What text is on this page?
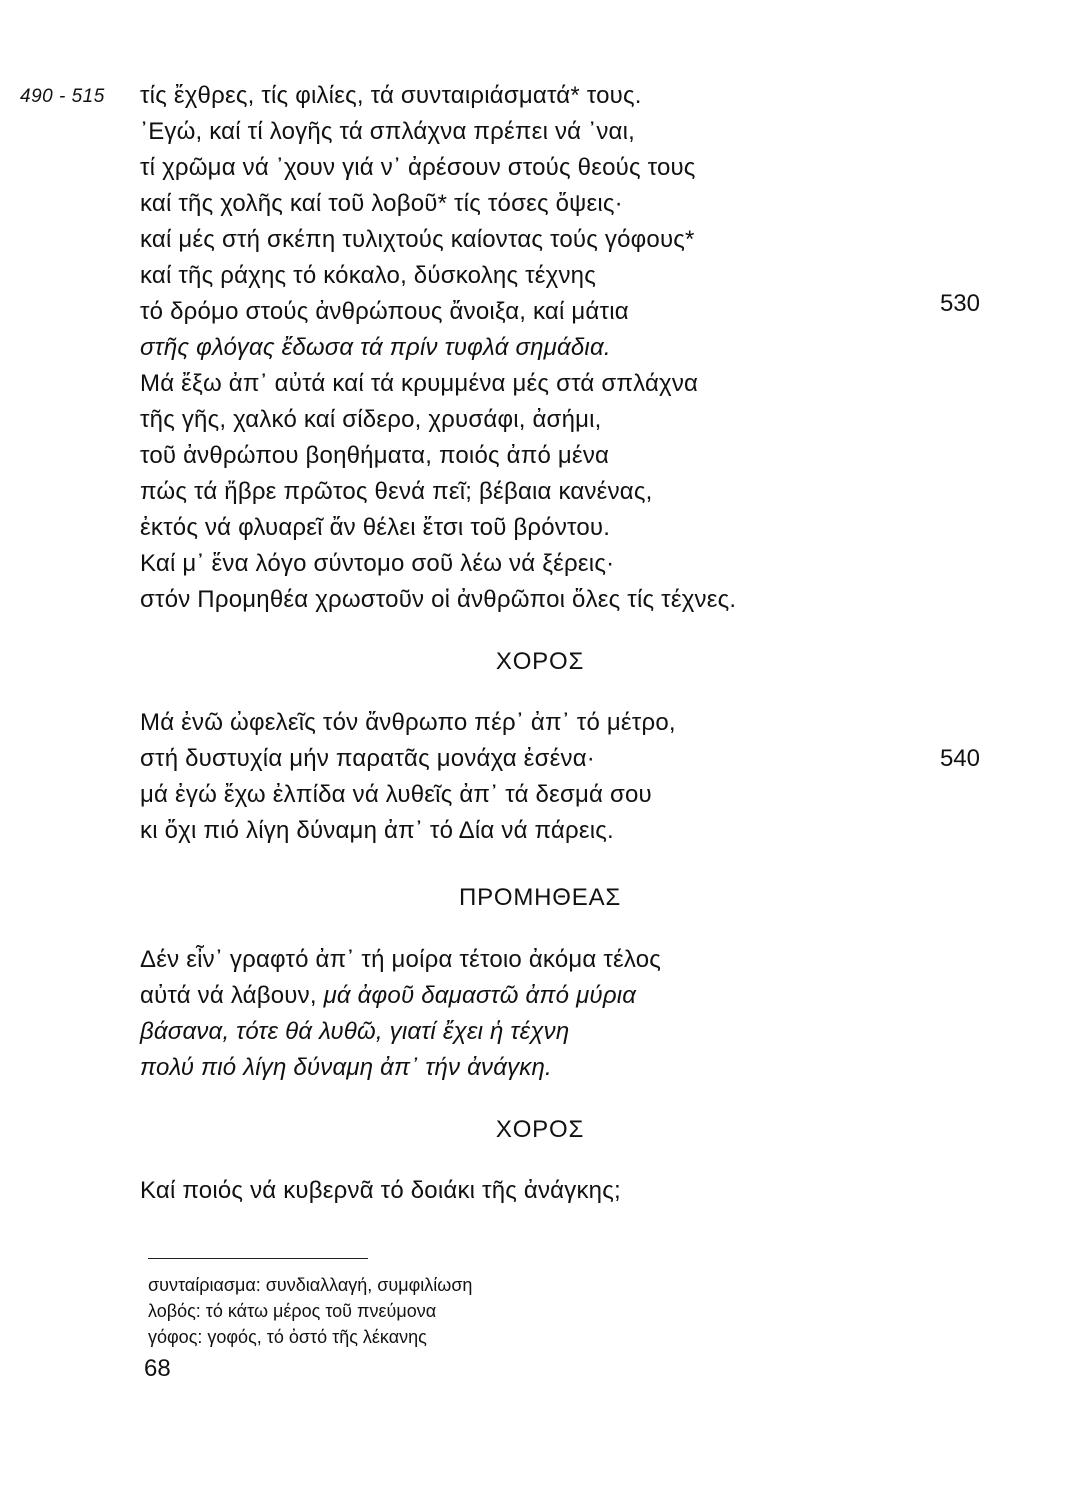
490 - 515 τίς ἔχθρες, τίς φιλίες, τά συνταιριάσματά* τους.
᾿Εγώ, καί τί λογῆς τά σπλάχνα πρέπει νά ᾿ναι,
τί χρῶμα νά ᾿χουν γιά ν᾿ ἀρέσουν στούς θεούς τους
καί τῆς χολῆς καί τοῦ λοβοῦ* τίς τόσες ὄψεις·
καί μές στή σκέπη τυλιχτούς καίοντας τούς γόφους*
καί τῆς ράχης τό κόκαλο, δύσκολης τέχνης
τό δρόμο στούς ἀνθρώπους ἄνοιξα, καί μάτια
στῆς φλόγας ἔδωσα τά πρίν τυφλά σημάδια.
Μά ἔξω ἀπ᾿ αὐτά καί τά κρυμμένα μές στά σπλάχνα
τῆς γῆς, χαλκό καί σίδερο, χρυσάφι, ἀσήμι,
τοῦ ἀνθρώπου βοηθήματα, ποιός ἀπό μένα
πώς τά ἤβρε πρῶτος θενά πεῖ; βέβαια κανένας,
ἐκτός νά φλυαρεῖ ἄν θέλει ἔτσι τοῦ βρόντου.
Καί μ᾿ ἕνα λόγο σύντομο σοῦ λέω νά ξέρεις·
στόν Προμηθέα χρωστοῦν οἱ ἀνθρῶποι ὅλες τίς τέχνες.
530
ΧΟΡΟΣ
Μά ἐνῶ ὠφελεῖς τόν ἄνθρωπο πέρ᾿ ἀπ᾿ τό μέτρο,
στή δυστυχία μήν παρατᾶς μονάχα ἐσένα·
μά ἐγώ ἔχω ἐλπίδα νά λυθεῖς ἀπ᾿ τά δεσμά σου
κι ὄχι πιό λίγη δύναμη ἀπ᾿ τό Δία νά πάρεις.
540
ΠΡΟΜΗΘΕΑΣ
Δέν εἶν᾿ γραφτό ἀπ᾿ τή μοίρα τέτοιο ἀκόμα τέλος
αὐτά νά λάβουν, μά ἀφοῦ δαμαστῶ ἀπό μύρια
βάσανα, τότε θά λυθῶ, γιατί ἔχει ἡ τέχνη
πολύ πιό λίγη δύναμη ἀπ᾿ τήν ἀνάγκη.
ΧΟΡΟΣ
Καί ποιός νά κυβερνᾶ τό δοιάκι τῆς ἀνάγκης;
συνταίριασμα: συνδιαλλαγή, συμφιλίωση
λοβός: τό κάτω μέρος τοῦ πνεύμονα
γόφος: γοφός, τό ὀστό τῆς λέκανης
68
